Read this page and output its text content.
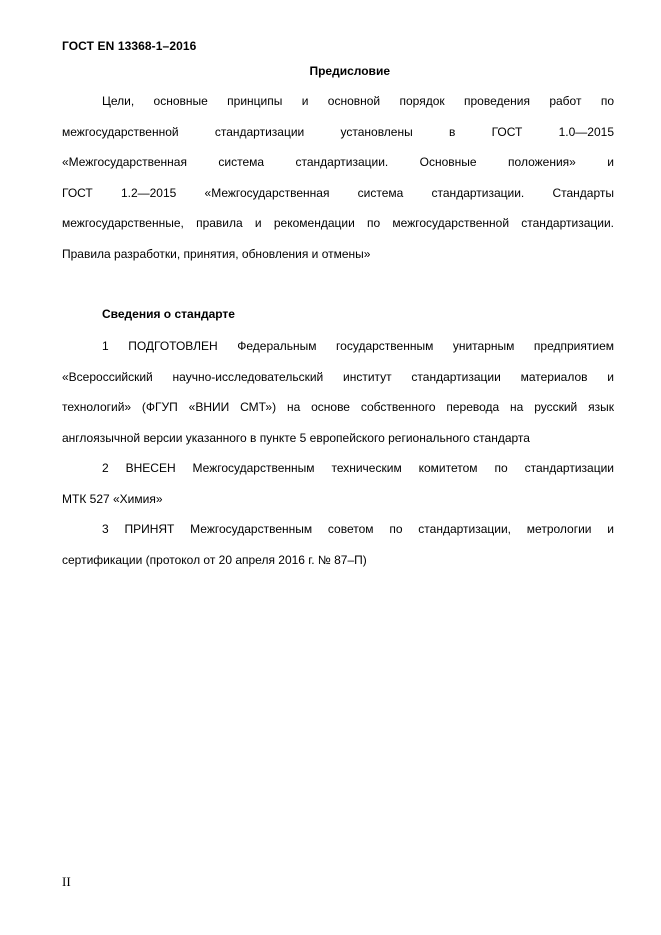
ГОСТ EN 13368-1–2016
Предисловие
Цели, основные принципы и основной порядок проведения работ по
межгосударственной стандартизации установлены в ГОСТ 1.0—2015
«Межгосударственная система стандартизации. Основные положения» и
ГОСТ 1.2—2015 «Межгосударственная система стандартизации. Стандарты
межгосударственные, правила и рекомендации по межгосударственной стандартизации.
Правила разработки, принятия, обновления и отмены»
Сведения о стандарте
1 ПОДГОТОВЛЕН Федеральным государственным унитарным предприятием
«Всероссийский научно-исследовательский институт стандартизации материалов и
технологий» (ФГУП «ВНИИ СМТ») на основе собственного перевода на русский язык
англоязычной версии указанного в пункте 5 европейского регионального стандарта
2 ВНЕСЕН Межгосударственным техническим комитетом по стандартизации
МТК 527 «Химия»
3 ПРИНЯТ Межгосударственным советом по стандартизации, метрологии и
сертификации (протокол от 20 апреля 2016 г. № 87–П)
II
